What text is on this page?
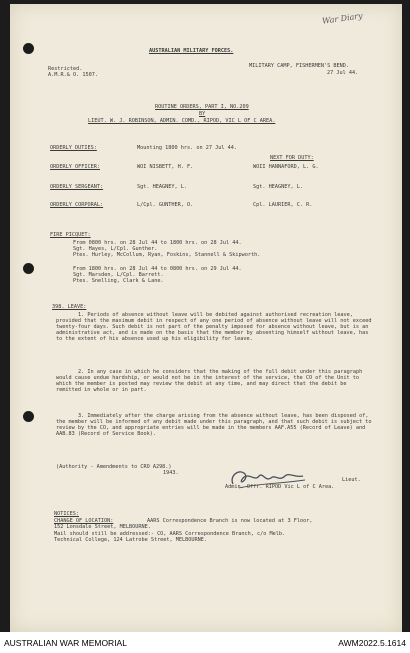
War Diary
AUSTRALIAN MILITARY FORCES.
Restricted.
A.M.R.& O. 1507.
MILITARY CAMP, FISHERMEN'S BEND.
27 Jul 44.
ROUTINE ORDERS, PART I, NO.209
BY
LIEUT. W. J. ROBINSON, ADMIN. COMD., RIPOD, VIC L OF C AREA.
ORDERLY DUTIES:	Mounting 1800 hrs. on 27 Jul 44.
NEXT FOR DUTY:
ORDERLY OFFICER:	WOI NISBETT, H. F.	WOII HANNAFORD, L. G.
ORDERLY SERGEANT:	Sgt. HEAGNEY, L.	Sgt. HEAGNEY, L.
ORDERLY CORPORAL:	L/Cpl. GUNTHER, O.	Cpl. LAURIER, C. R.
FIRE PICQUET:
From 0800 hrs. on 28 Jul 44 to 1800 hrs. on 28 Jul 44.
Sgt. Hayes, L/Cpl. Gunther.
Ptes. Hurley, McCollum, Ryan, Foskins, Stannell & Skipworth.
From 1800 hrs. on 28 Jul 44 to 0800 hrs. on 29 Jul 44.
Sgt. Marsden, L/Cpl. Barrett.
Ptes. Snelling, Clark & Lane.
398. LEAVE:
1. Periods of absence without leave will be debited against authorised recreation leave, provided that the maximum debit in respect of any one period of absence without leave will not exceed twenty-four days. Such debit is not part of the penalty imposed for absence without leave, but is an administrative act, and is made on the basis that the member by absenting himself without leave, has to the extent of his absence used up his eligibility for leave.
2. In any case in which he considers that the making of the full debit under this paragraph would cause undue hardship, or would not be in the interest of the service, the CO of the Unit to which the member is posted may review the debit at any time, and may direct that the debit be remitted in whole or in part.
3. Immediately after the charge arising from the absence without leave, has been disposed of, the member will be informed of any debit made under this paragraph, and that such debit is subject to review by the CO, and appropriate entries will be made in the members AAF.A55 (Record of Leave) and AAB.83 (Record of Service Book).
(Authority - Amendments to CRO A298.)
1943.
Lieut.
Admin. Offr. RIPOD Vic L of C Area.
NOTICES:
CHANGE OF LOCATION:	AARS Correspondence Branch is now located at 3 Floor,
152 Lonsdale Street, MELBOURNE.
Mail should still be addressed:- CO, AARS Correspondence Branch, c/o Melb.
Technical College, 124 Latrobe Street, MELBOURNE.
AUSTRALIAN WAR MEMORIAL	AWM2022.5.1614
